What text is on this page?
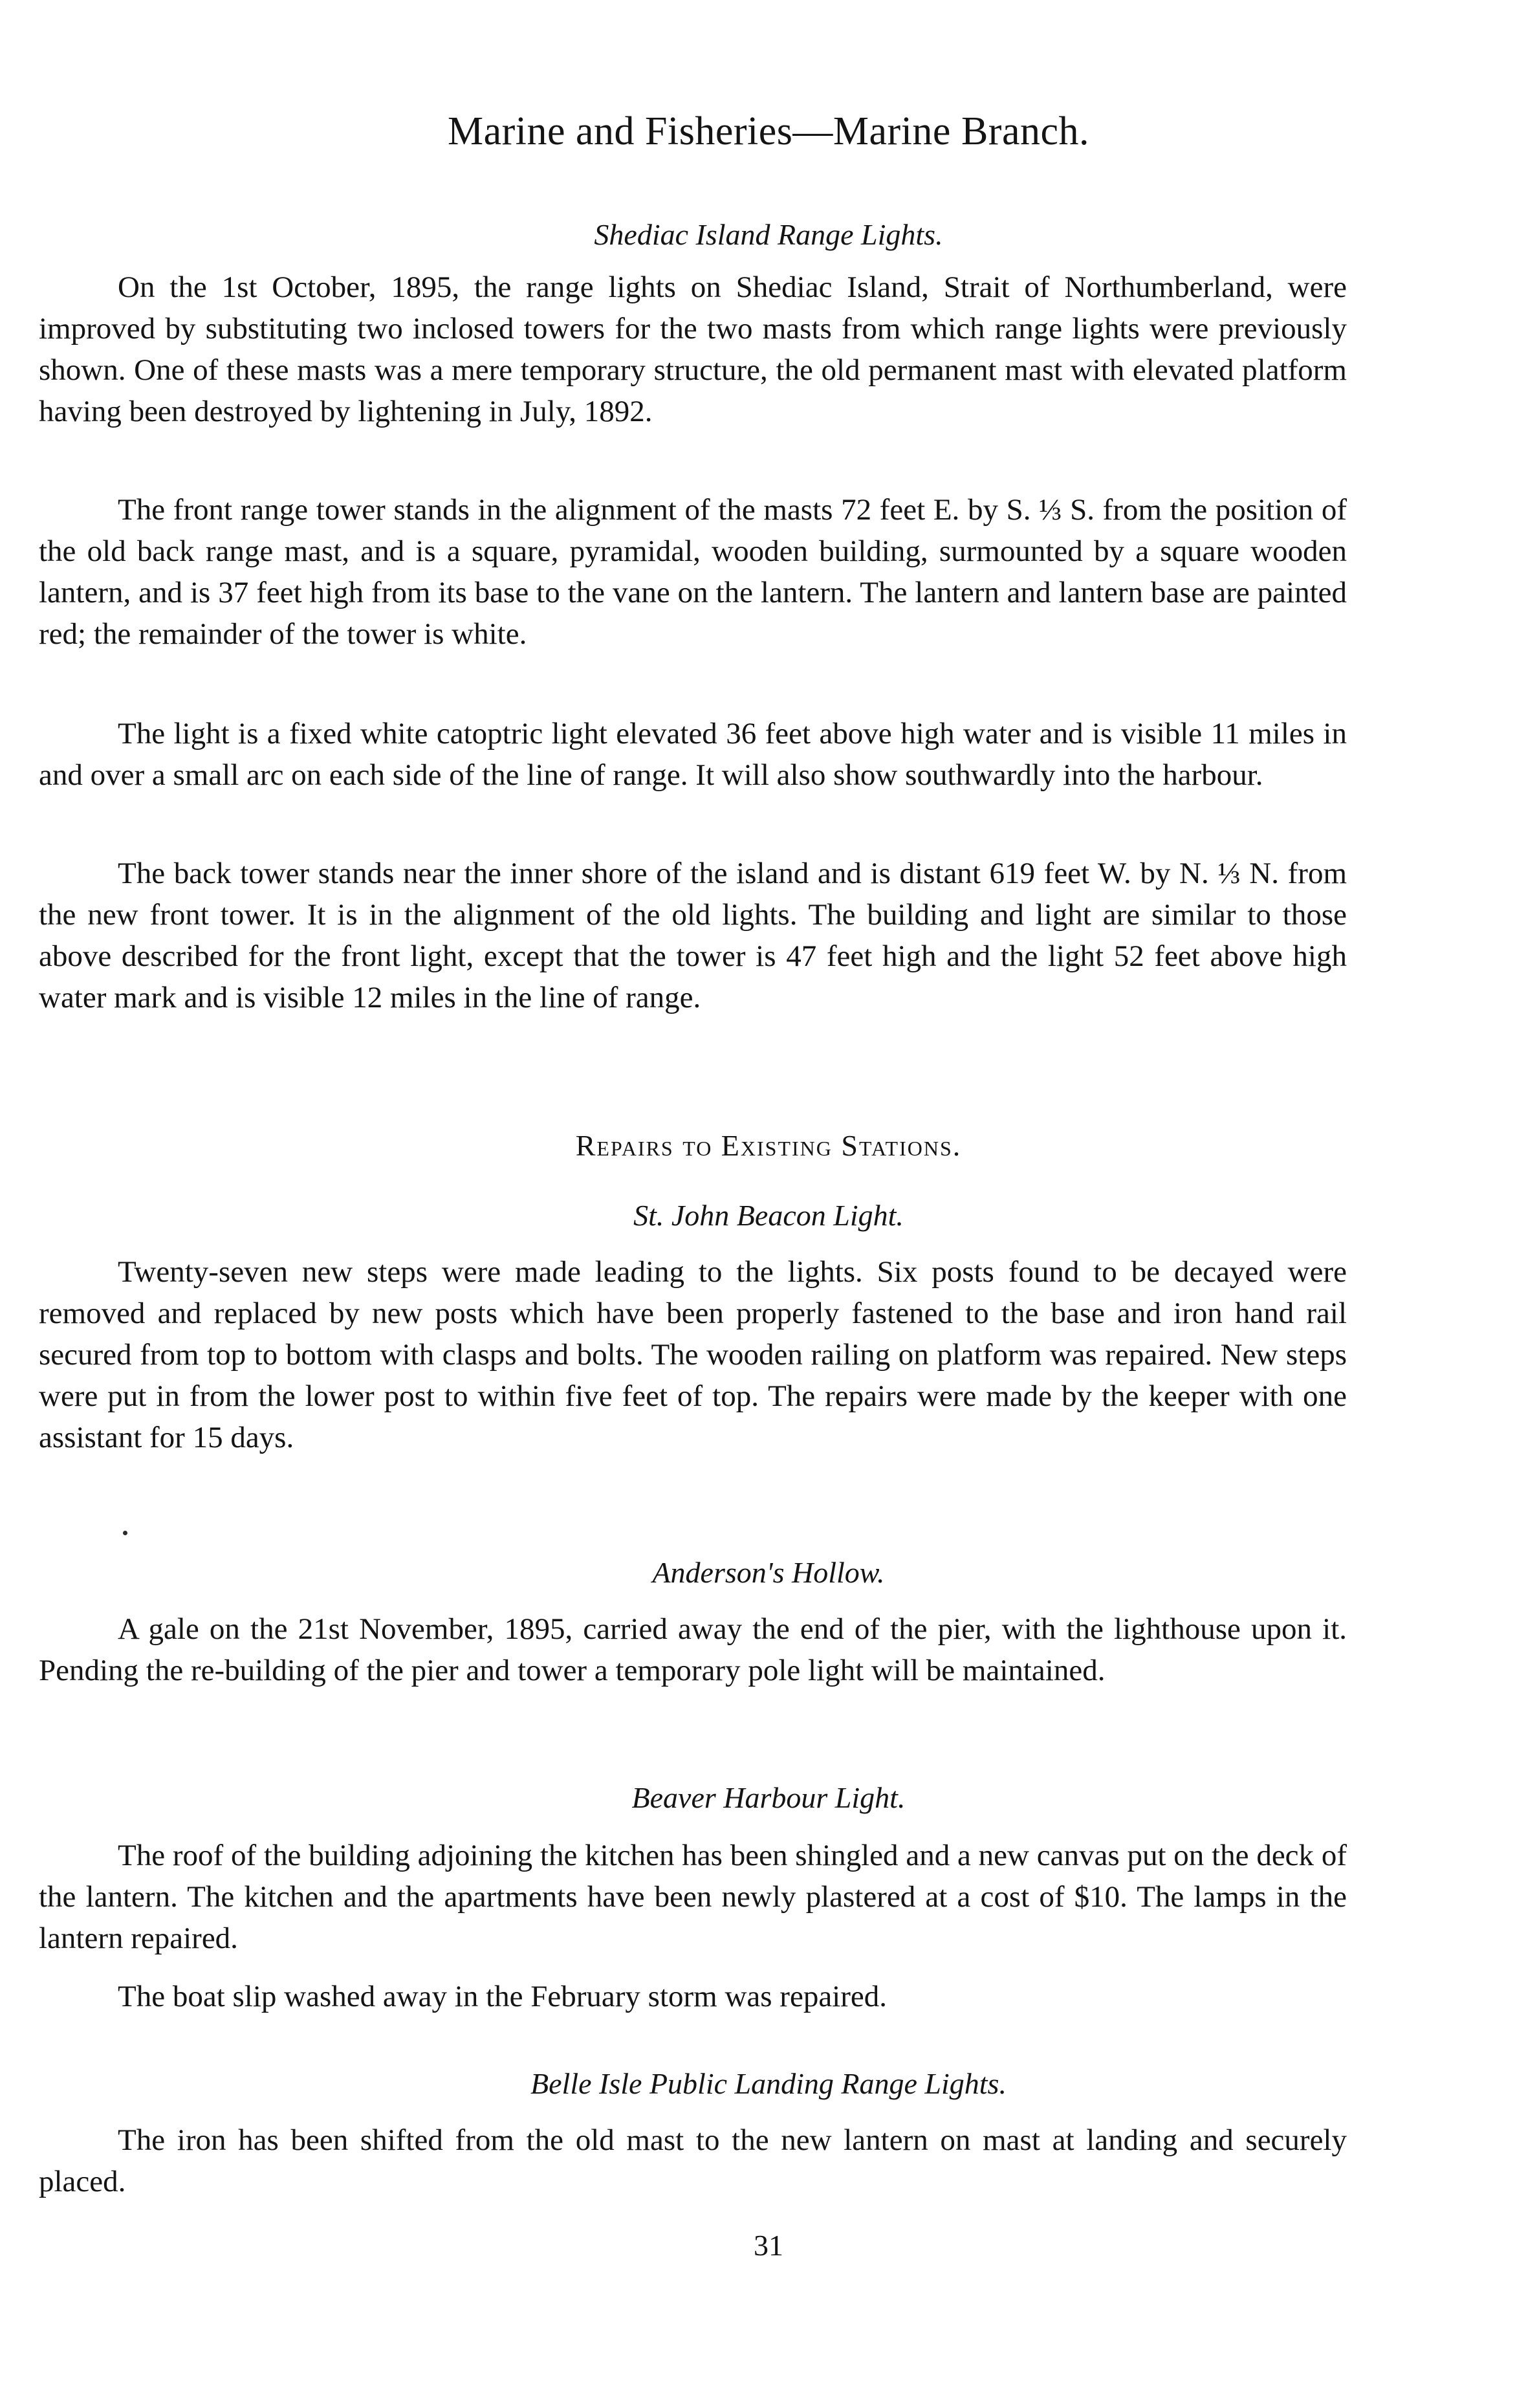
Marine and Fisheries—Marine Branch.
Shediac Island Range Lights.

On the 1st October, 1895, the range lights on Shediac Island, Strait of Northumberland, were improved by substituting two inclosed towers for the two masts from which range lights were previously shown. One of these masts was a mere temporary structure, the old permanent mast with elevated platform having been destroyed by lightening in July, 1892.

The front range tower stands in the alignment of the masts 72 feet E. by S. ⅓ S. from the position of the old back range mast, and is a square, pyramidal, wooden building, surmounted by a square wooden lantern, and is 37 feet high from its base to the vane on the lantern. The lantern and lantern base are painted red; the remainder of the tower is white.

The light is a fixed white catoptric light elevated 36 feet above high water and is visible 11 miles in and over a small arc on each side of the line of range. It will also show southwardly into the harbour.

The back tower stands near the inner shore of the island and is distant 619 feet W. by N. ⅓ N. from the new front tower. It is in the alignment of the old lights. The building and light are similar to those above described for the front light, except that the tower is 47 feet high and the light 52 feet above high water mark and is visible 12 miles in the line of range.

Repairs to Existing Stations.
St. John Beacon Light.

Twenty-seven new steps were made leading to the lights. Six posts found to be decayed were removed and replaced by new posts which have been properly fastened to the base and iron hand rail secured from top to bottom with clasps and bolts. The wooden railing on platform was repaired. New steps were put in from the lower post to within five feet of top. The repairs were made by the keeper with one assistant for 15 days.

Anderson's Hollow.

A gale on the 21st November, 1895, carried away the end of the pier, with the lighthouse upon it. Pending the re-building of the pier and tower a temporary pole light will be maintained.

Beaver Harbour Light.

The roof of the building adjoining the kitchen has been shingled and a new canvas put on the deck of the lantern. The kitchen and the apartments have been newly plastered at a cost of $10. The lamps in the lantern repaired.

The boat slip washed away in the February storm was repaired.

Belle Isle Public Landing Range Lights.

The iron has been shifted from the old mast to the new lantern on mast at landing and securely placed.

31
